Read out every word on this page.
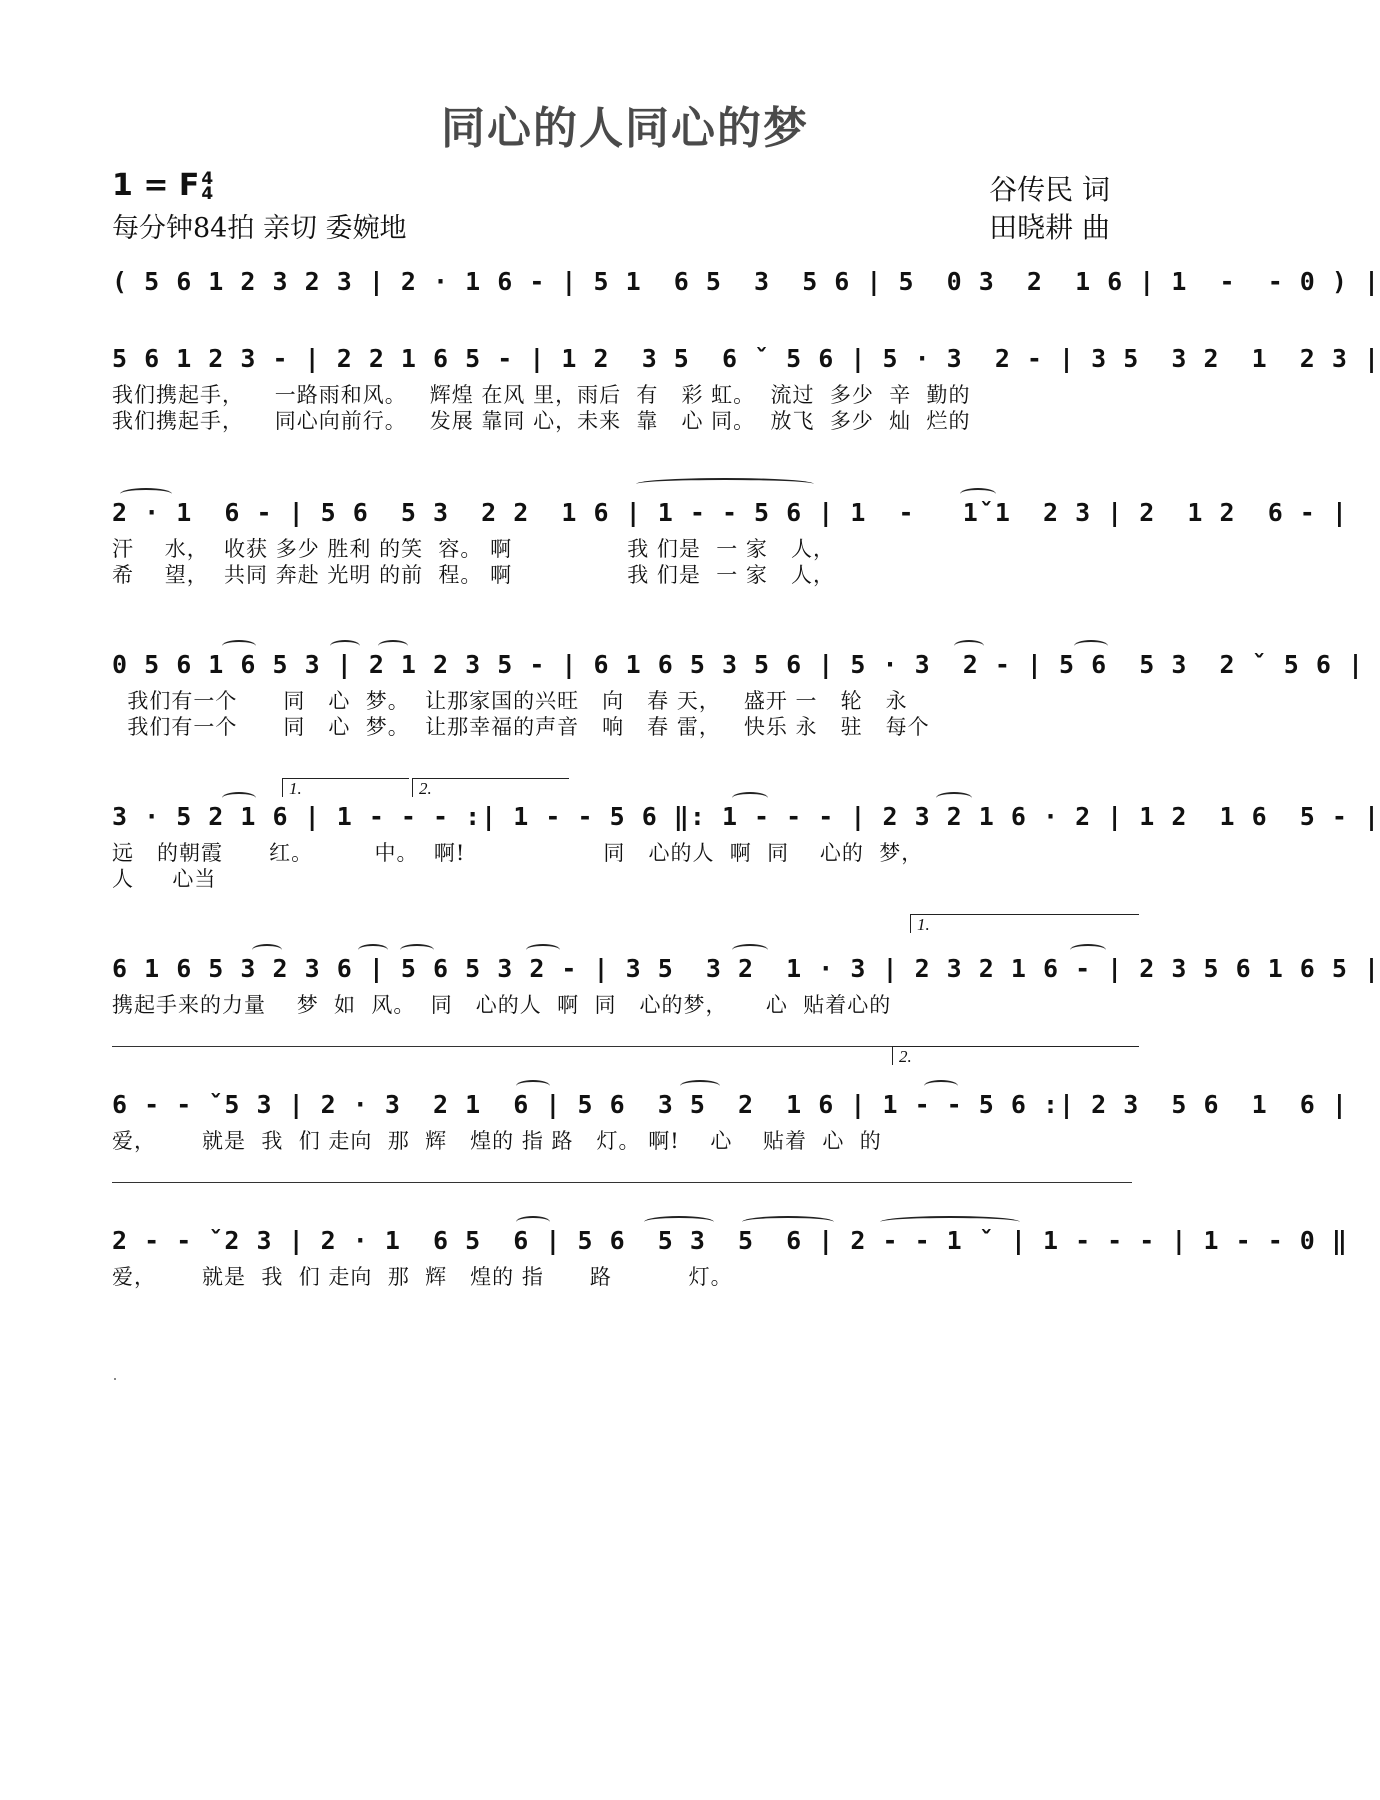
同心的人同心的梦
1 = F 4
4
每分钟84拍 亲切 委婉地
谷传民 词
田晓耕 曲
( 5 6 1 2 3 2 3 | 2 · 1 6 - | 5 1  6 5  3  5 6 | 5  0 3  2  1 6 | 1  -  - 0 ) |
5 6 1 2 3 - | 2 2 1 6 5 - | 1 2  3 5  6 ˇ 5 6 | 5 · 3  2 - | 3 5  3 2  1  2 3 |
我们携起手，    一路雨和风。   辉煌 在风 里，雨后  有   彩 虹。  流过  多少  辛  勤的
我们携起手，    同心向前行。   发展 靠同 心，未来  靠   心 同。  放飞  多少  灿  烂的
2 · 1  6 - | 5 6  5 3  2 2  1 6 | 1 - - 5 6 | 1  -   1ˇ1  2 3 | 2  1 2  6 - |
汗    水，  收获 多少 胜利 的笑  容。 啊               我 们是  一 家   人，
希    望，  共同 奔赴 光明 的前  程。 啊               我 们是  一 家   人，
0 5 6 1 6 5 3 | 2 1 2 3 5 - | 6 1 6 5 3 5 6 | 5 · 3  2 - | 5 6  5 3  2 ˇ 5 6 |
我们有一个      同   心  梦。  让那家国的兴旺   向   春 天，   盛开 一   轮   永
我们有一个      同   心  梦。  让那幸福的声音   响   春 雷，   快乐 永   驻   每个
1.	2.
3 · 5 2 1 6 | 1 - - - :| 1 - - 5 6 ‖: 1 - - - | 2 3 2 1 6 · 2 | 1 2  1 6  5 - |
远   的朝霞      红。        中。  啊!                  同   心的人  啊  同    心的  梦，
人     心当
1.
6 1 6 5 3 2 3 6 | 5 6 5 3 2 - | 3 5  3 2  1 · 3 | 2 3 2 1 6 - | 2 3 5 6 1 6 5 |
携起手来的力量    梦  如  风。  同   心的人  啊  同   心的梦，     心  贴着心的
2.
6 - - ˇ5 3 | 2 · 3  2 1  6 | 5 6  3 5  2  1 6 | 1 - - 5 6 :| 2 3  5 6  1  6 |
爱，      就是  我  们 走向  那  辉   煌的 指 路   灯。 啊!    心    贴着  心  的
2 - - ˇ2 3 | 2 · 1  6 5  6 | 5 6  5 3  5  6 | 2 - - 1 ˇ | 1 - - - | 1 - - 0 ‖
爱，      就是  我  们 走向  那  辉   煌的 指      路          灯。
